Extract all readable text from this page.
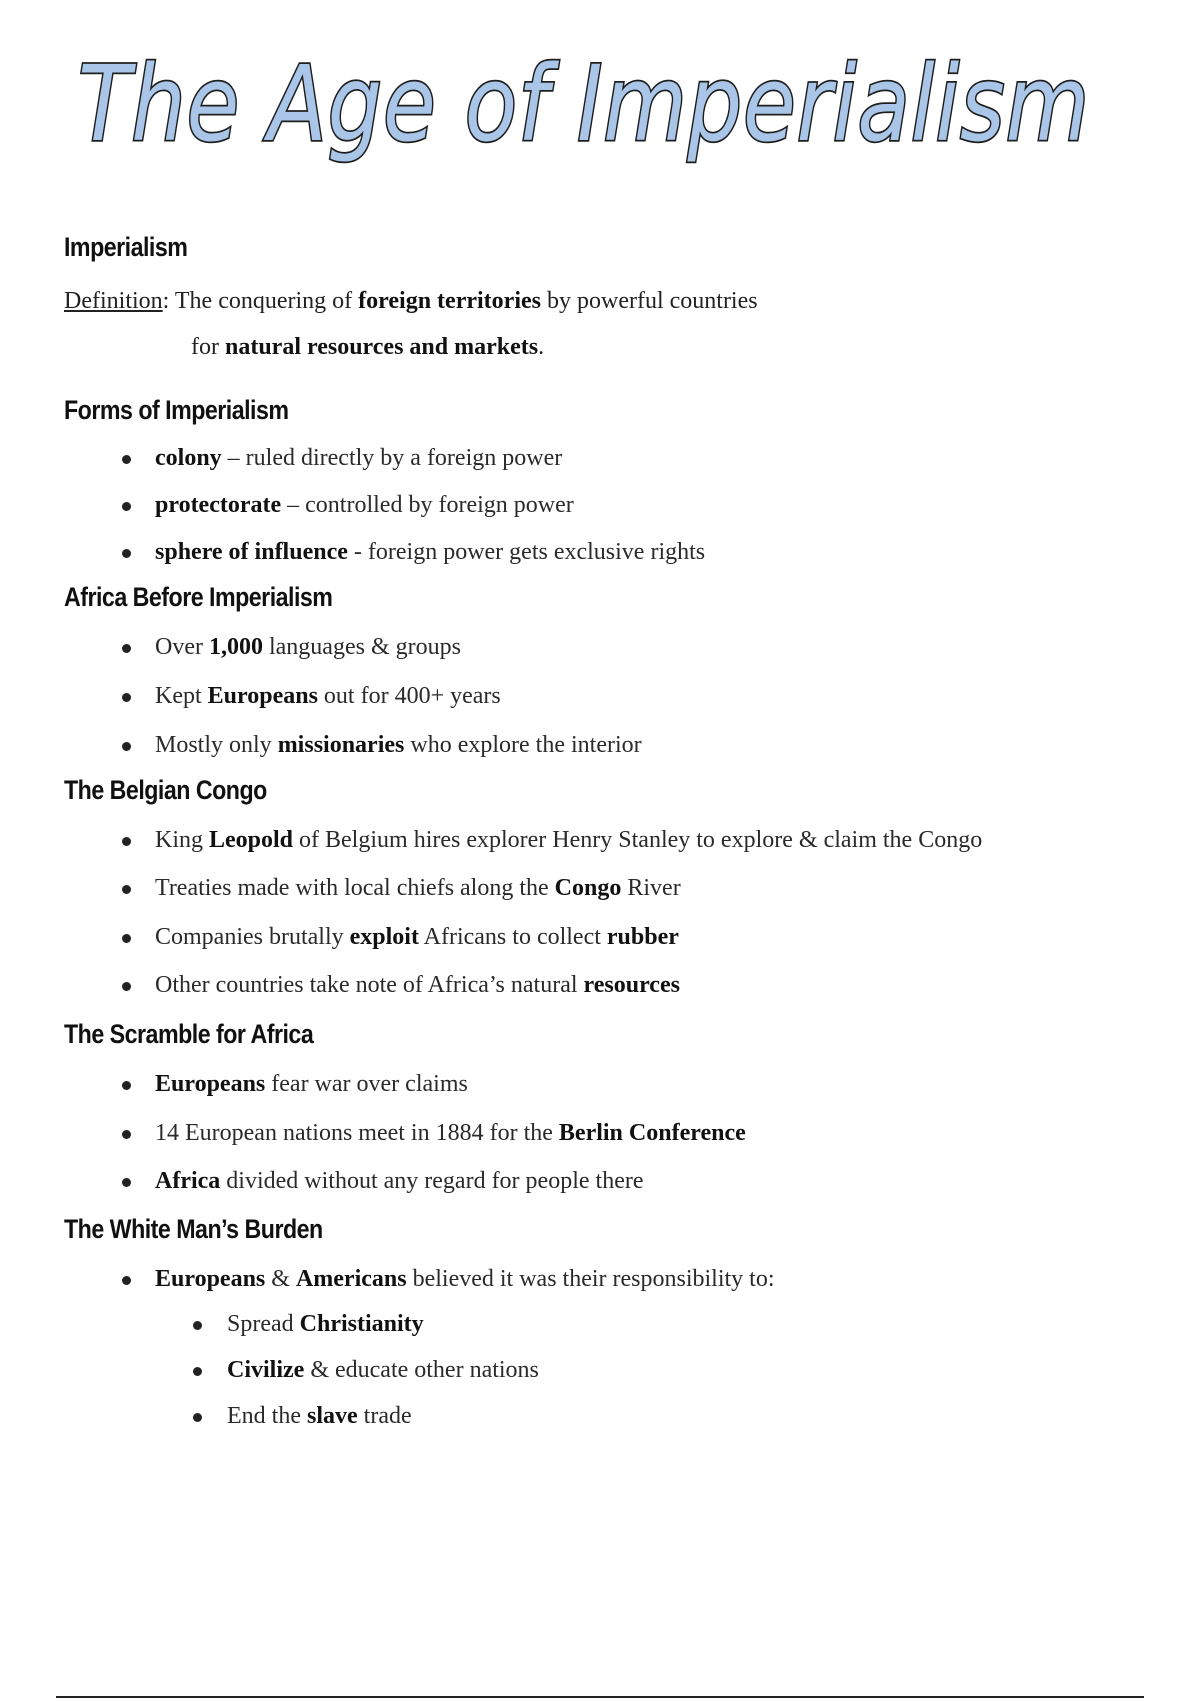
The Age of Imperialism
Imperialism

Definition: The conquering of foreign territories by powerful countries

for natural resources and markets.

Forms of Imperialism
colony – ruled directly by a foreign power
protectorate – controlled by foreign power
sphere of influence - foreign power gets exclusive rights
Africa Before Imperialism
Over 1,000 languages & groups
Kept Europeans out for 400+ years
Mostly only missionaries who explore the interior
The Belgian Congo
King Leopold of Belgium hires explorer Henry Stanley to explore & claim the Congo
Treaties made with local chiefs along the Congo River
Companies brutally exploit Africans to collect rubber
Other countries take note of Africa’s natural resources
The Scramble for Africa
Europeans fear war over claims
14 European nations meet in 1884 for the Berlin Conference
Africa divided without any regard for people there
The White Man’s Burden
Europeans & Americans believed it was their responsibility to:
Spread Christianity
Civilize & educate other nations
End the slave trade
